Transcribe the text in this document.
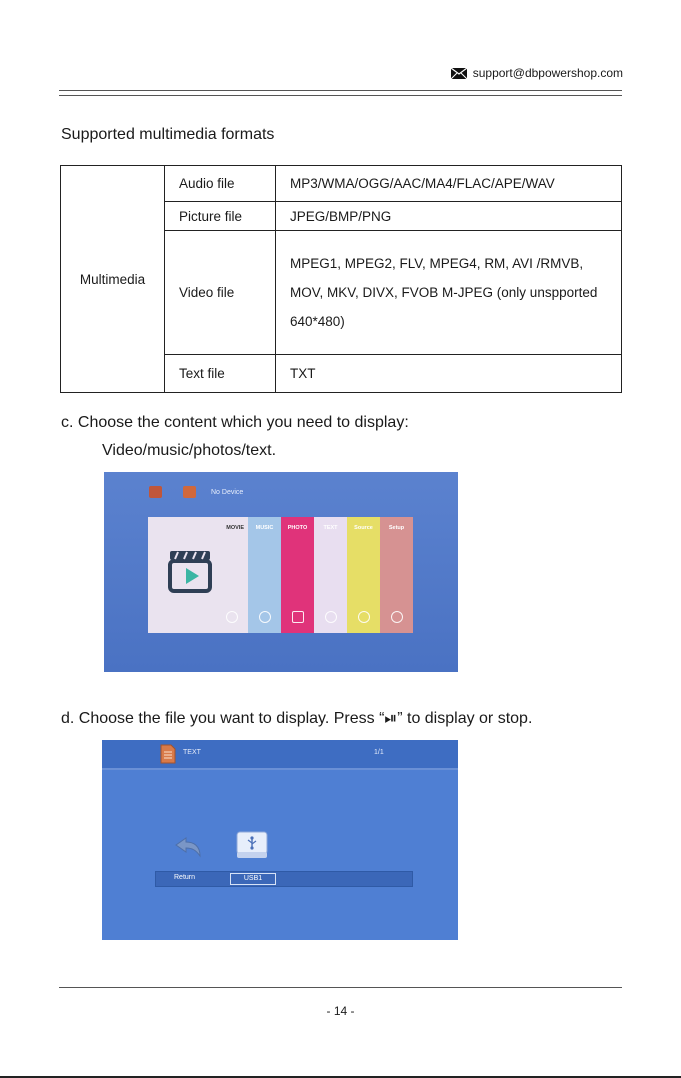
support@dbpowershop.com
Supported multimedia formats
Multimedia	Audio file	MP3/WMA/OGG/AAC/MA4/FLAC/APE/WAV
	Picture file	JPEG/BMP/PNG
	Video file	MPEG1, MPEG2, FLV, MPEG4, RM, AVI /RMVB, MOV, MKV, DIVX, FVOB M-JPEG (only unspported 640*480)
	Text file	TXT
c. Choose the content which you need to display:
Video/music/photos/text.
No Device
MOVIE	MUSIC	PHOTO	TEXT	Source	Setup
d. Choose the file you want to display. Press “⏯” to display or stop.
TEXT	1/1
Return	USB1
- 14 -
